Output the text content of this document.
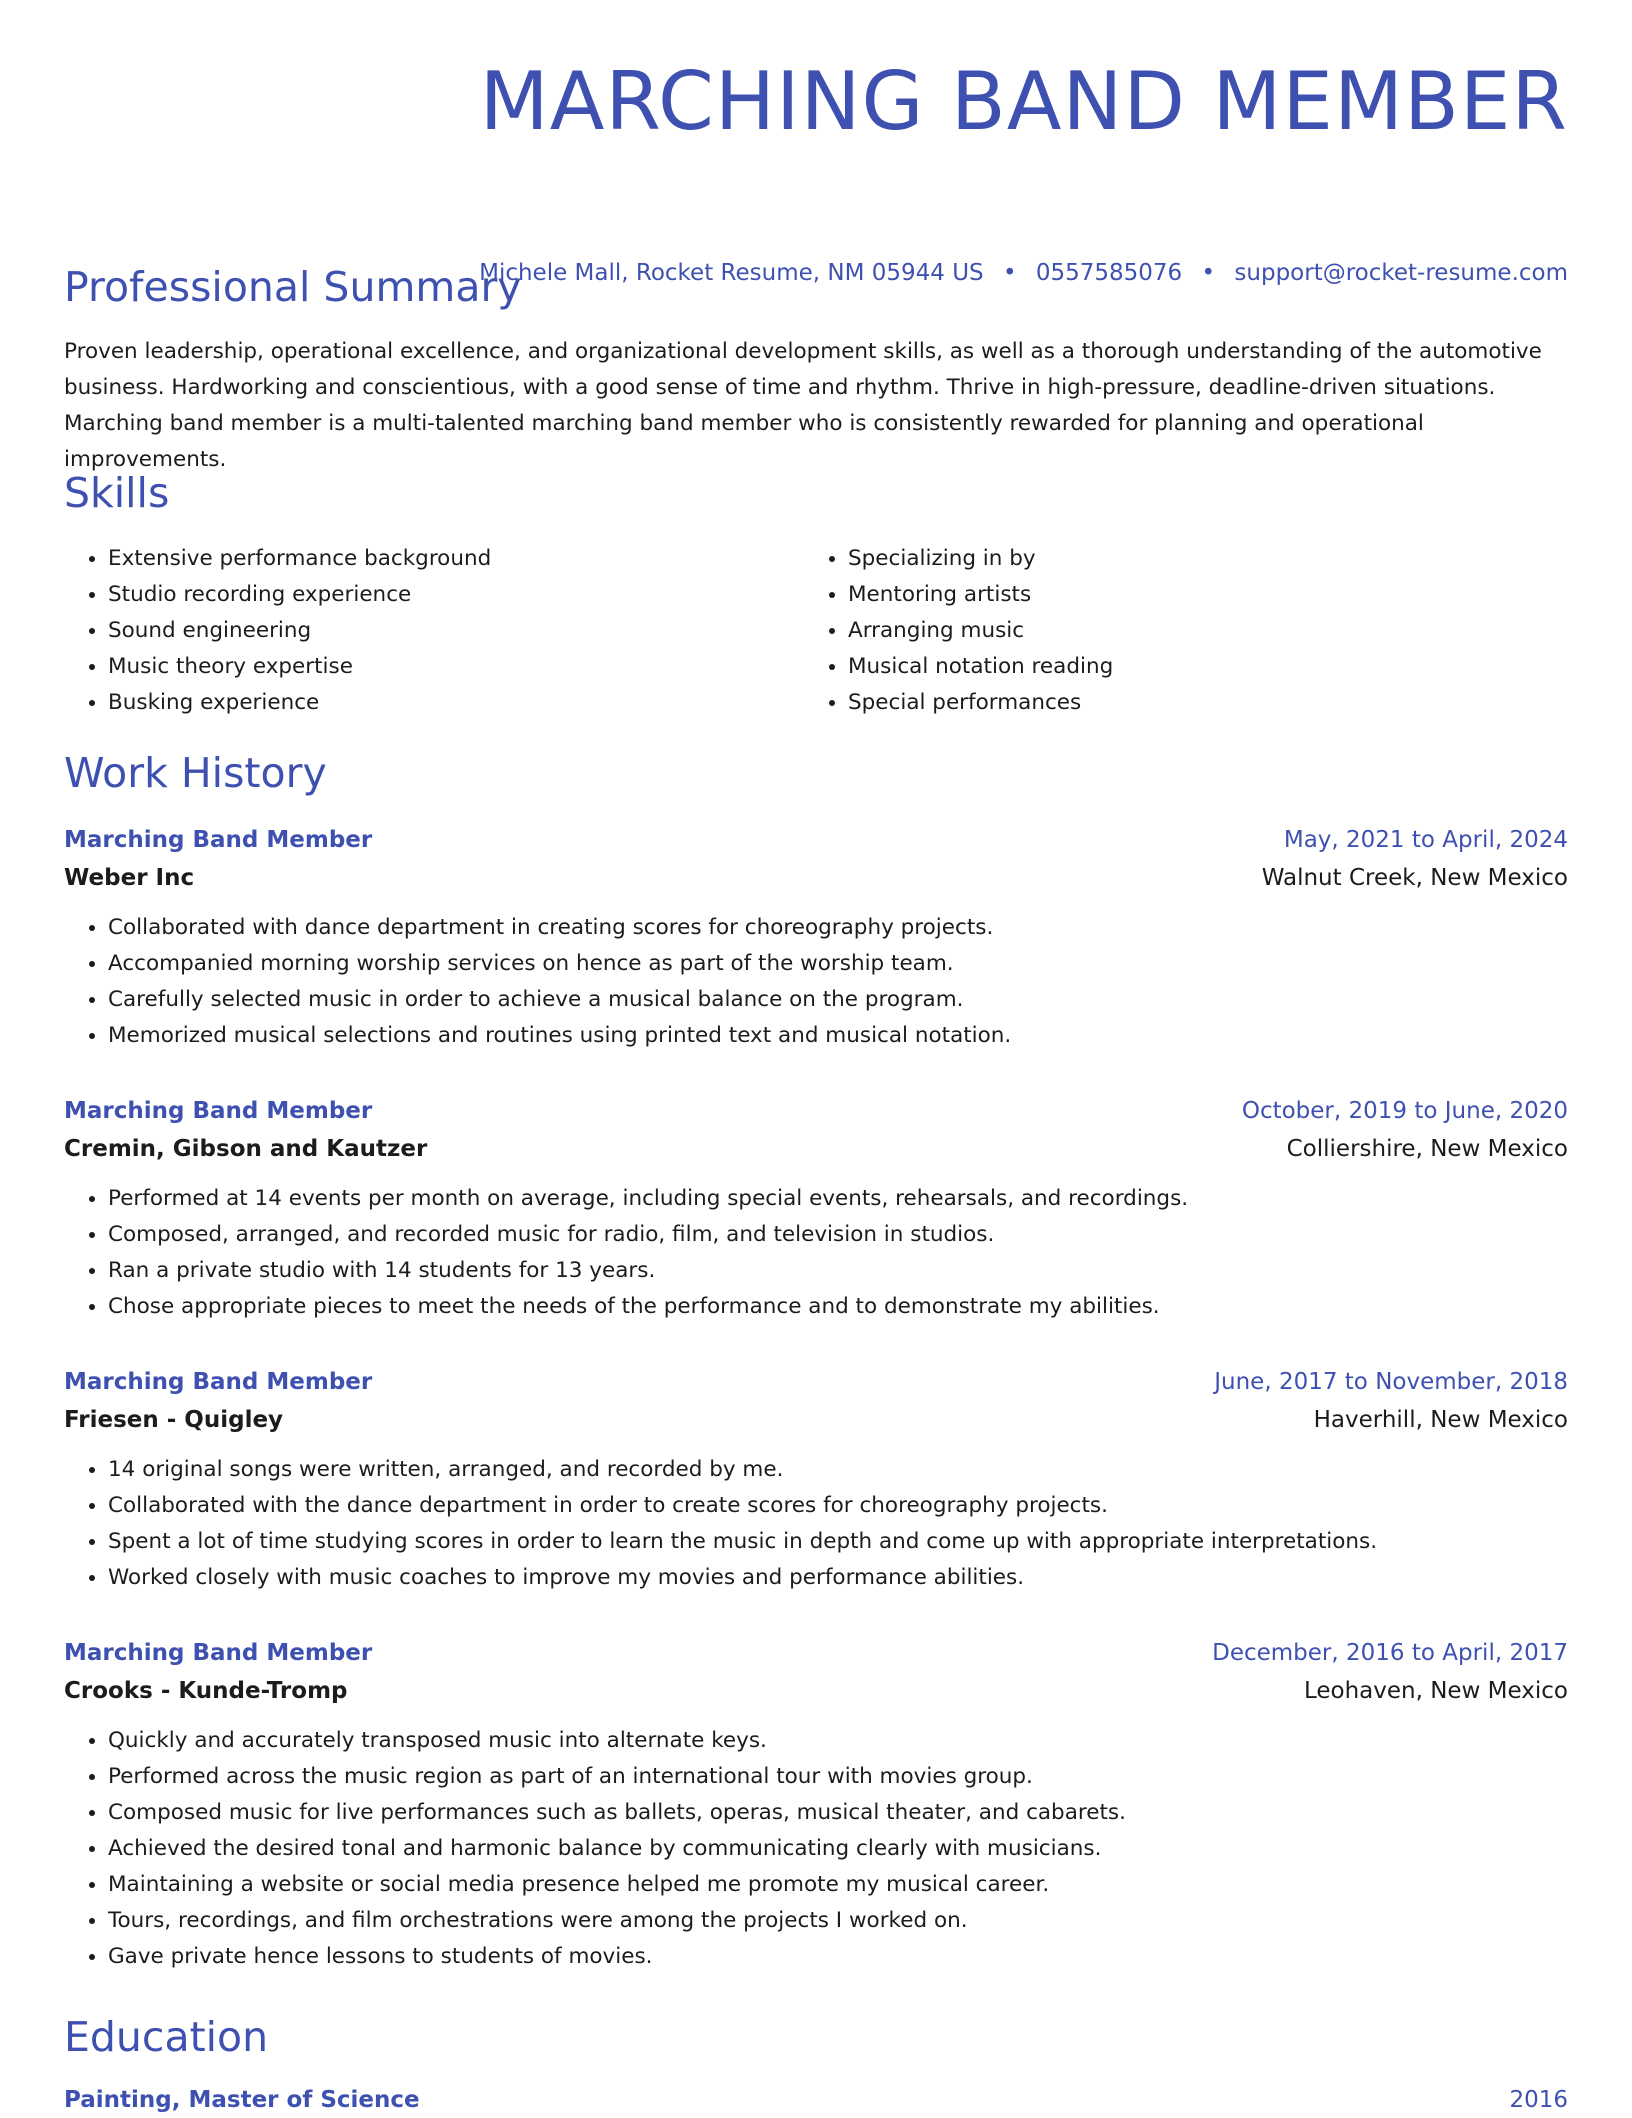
MARCHING BAND MEMBER
Michele Mall, Rocket Resume, NM 05944 US • 0557585076 • support@rocket-resume.com
Professional Summary

Proven leadership, operational excellence, and organizational development skills, as well as a thorough understanding of the automotive business. Hardworking and conscientious, with a good sense of time and rhythm. Thrive in high-pressure, deadline-driven situations. Marching band member is a multi-talented marching band member who is consistently rewarded for planning and operational improvements.

Skills
• Extensive performance background
• Studio recording experience
• Sound engineering
• Music theory expertise
• Busking experience
• Specializing in by
• Mentoring artists
• Arranging music
• Musical notation reading
• Special performances
Work History
Marching Band Member	May, 2021 to April, 2024
Weber Inc	Walnut Creek, New Mexico
• Collaborated with dance department in creating scores for choreography projects.
• Accompanied morning worship services on hence as part of the worship team.
• Carefully selected music in order to achieve a musical balance on the program.
• Memorized musical selections and routines using printed text and musical notation.
Marching Band Member	October, 2019 to June, 2020
Cremin, Gibson and Kautzer	Colliershire, New Mexico
• Performed at 14 events per month on average, including special events, rehearsals, and recordings.
• Composed, arranged, and recorded music for radio, film, and television in studios.
• Ran a private studio with 14 students for 13 years.
• Chose appropriate pieces to meet the needs of the performance and to demonstrate my abilities.
Marching Band Member	June, 2017 to November, 2018
Friesen - Quigley	Haverhill, New Mexico
• 14 original songs were written, arranged, and recorded by me.
• Collaborated with the dance department in order to create scores for choreography projects.
• Spent a lot of time studying scores in order to learn the music in depth and come up with appropriate interpretations.
• Worked closely with music coaches to improve my movies and performance abilities.
Marching Band Member	December, 2016 to April, 2017
Crooks - Kunde-Tromp	Leohaven, New Mexico
• Quickly and accurately transposed music into alternate keys.
• Performed across the music region as part of an international tour with movies group.
• Composed music for live performances such as ballets, operas, musical theater, and cabarets.
• Achieved the desired tonal and harmonic balance by communicating clearly with musicians.
• Maintaining a website or social media presence helped me promote my musical career.
• Tours, recordings, and film orchestrations were among the projects I worked on.
• Gave private hence lessons to students of movies.
Education
Painting, Master of Science	2016
